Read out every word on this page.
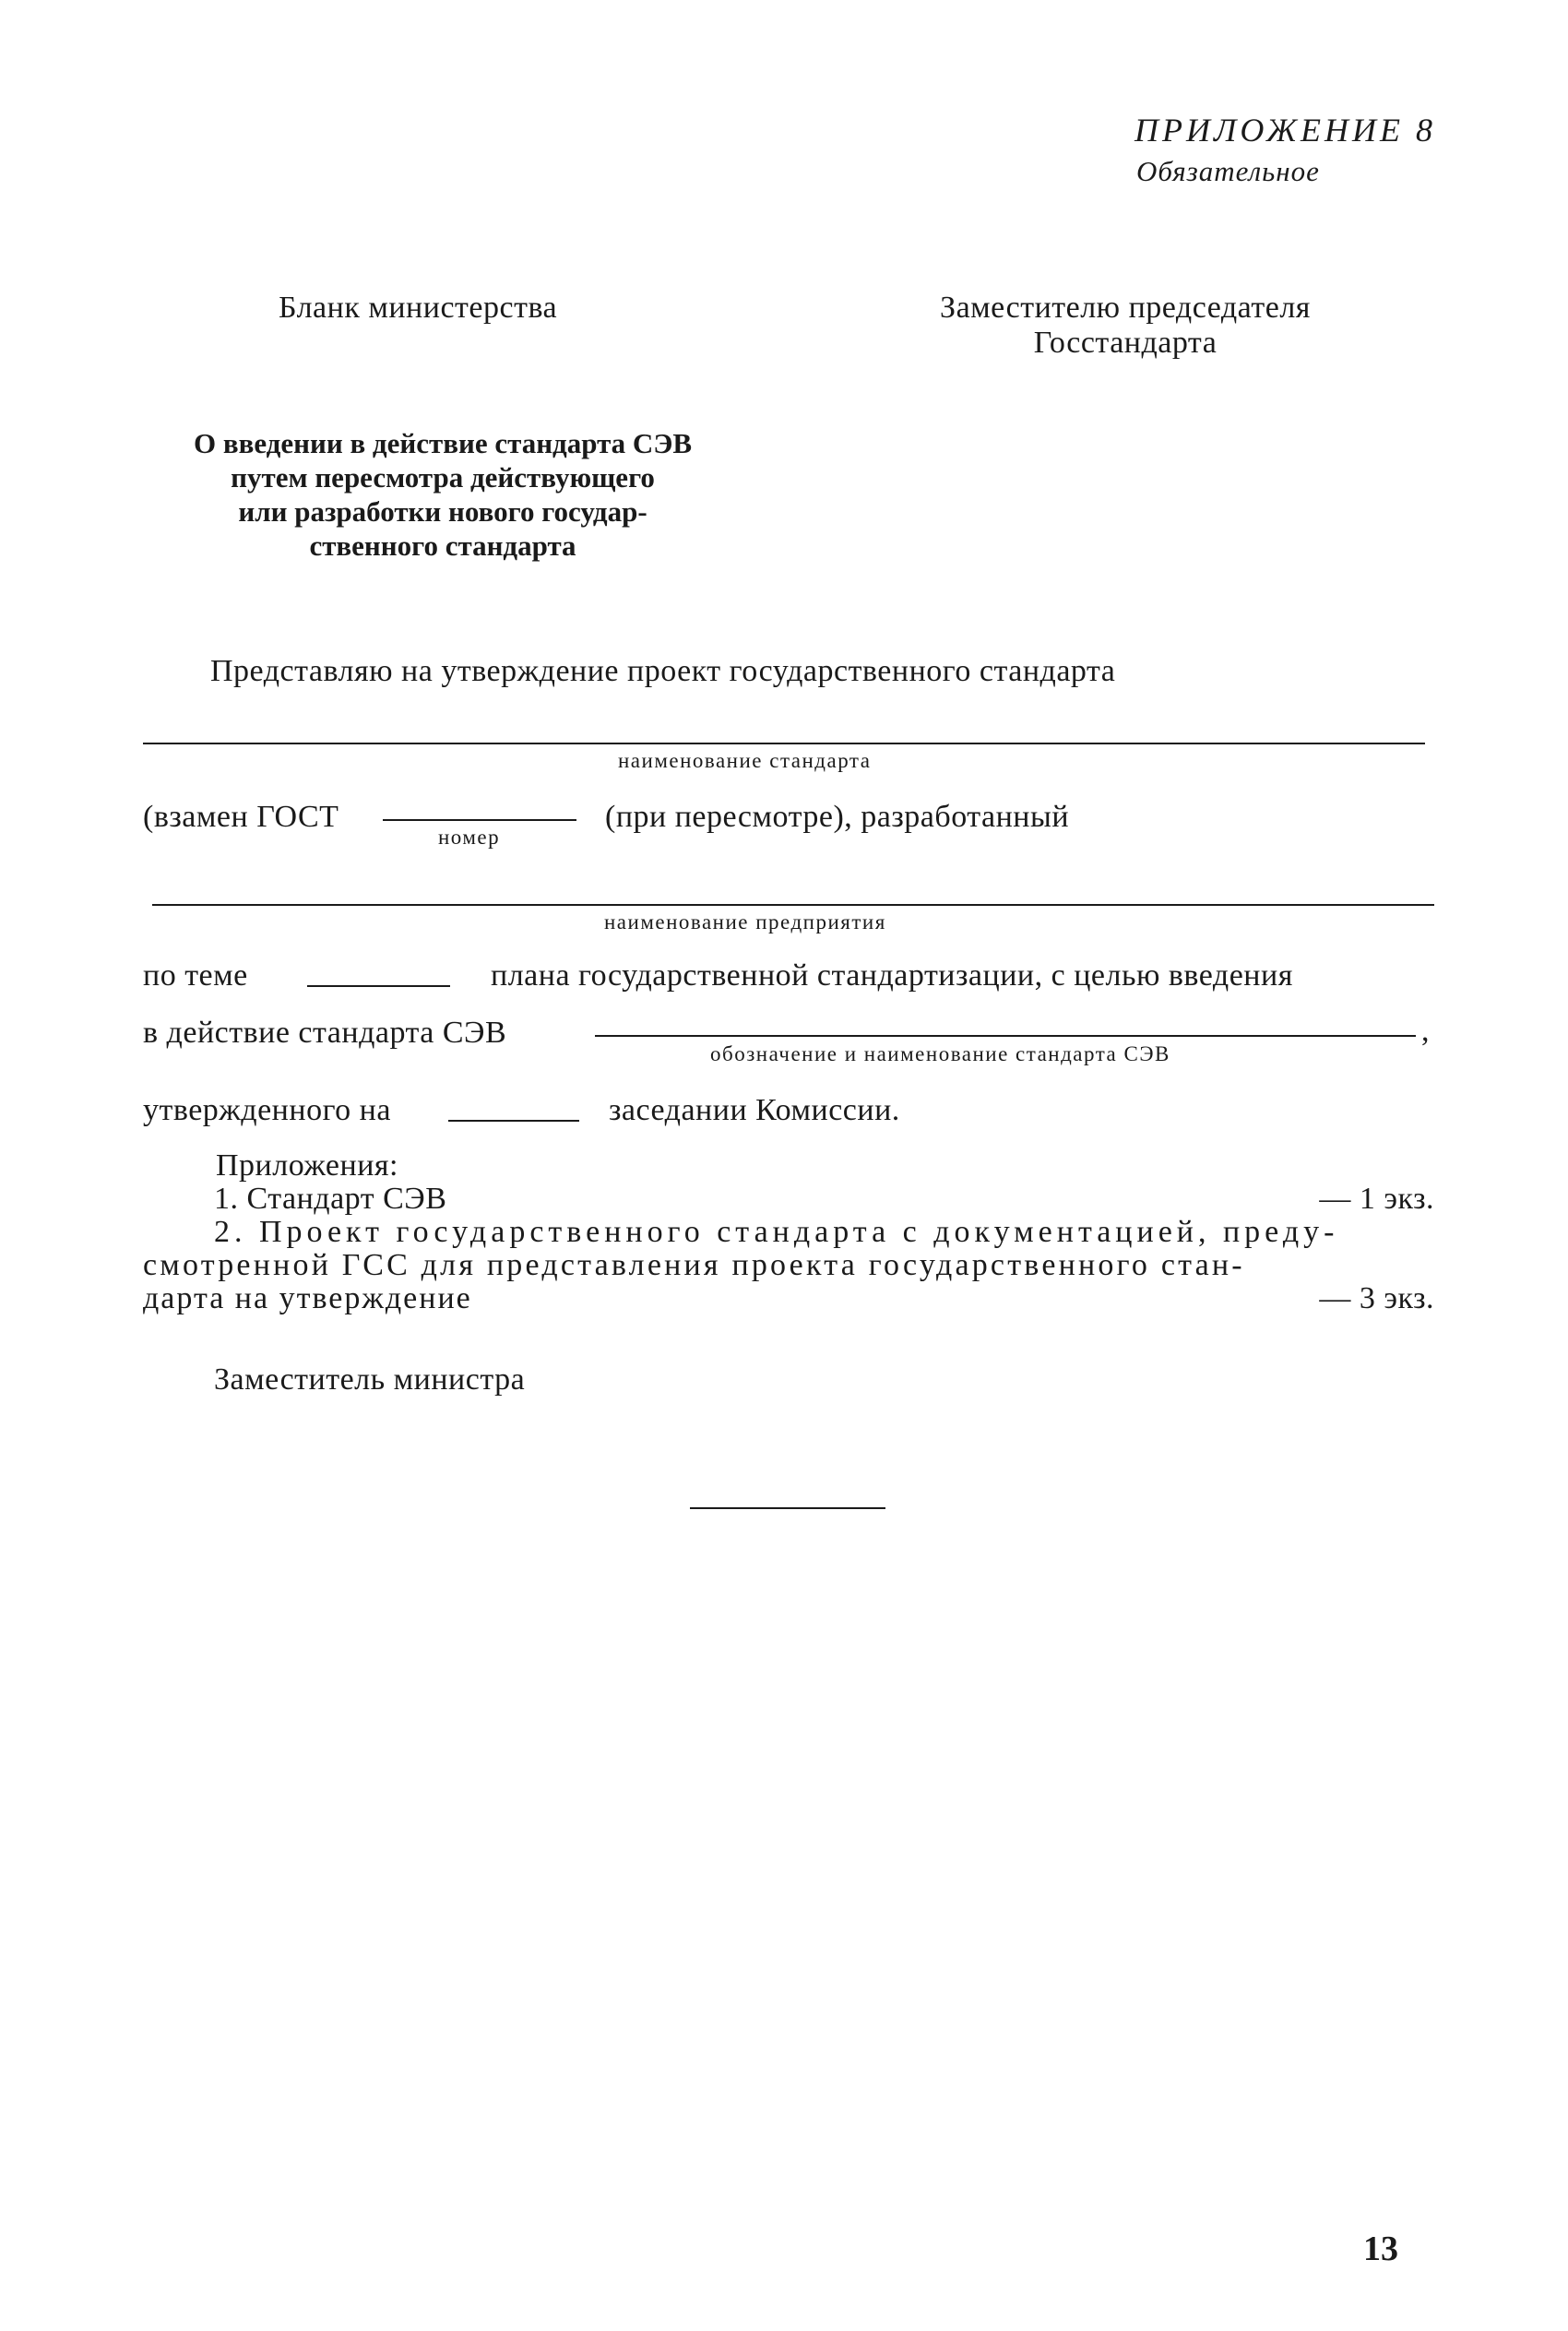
ПРИЛОЖЕНИЕ 8
Обязательное
Бланк министерства	Заместителю председателя
Госстандарта
О введении в действие стандарта СЭВ
путем пересмотра действующего
или разработки нового государ-
ственного стандарта
Представляю на утверждение проект государственного стандарта
наименование стандарта
(взамен ГОСТ
номер
(при пересмотре), разработанный
наименование предприятия
по теме	плана государственной стандартизации, с целью введения
в действие стандарта СЭВ	,
обозначение и наименование стандарта СЭВ
утвержденного на	заседании Комиссии.
Приложения:
1. Стандарт СЭВ	— 1 экз.
2. Проект государственного стандарта с документацией, преду-
смотренной ГСС для представления проекта государственного стан-
дарта на утверждение	— 3 экз.
Заместитель министра
13
